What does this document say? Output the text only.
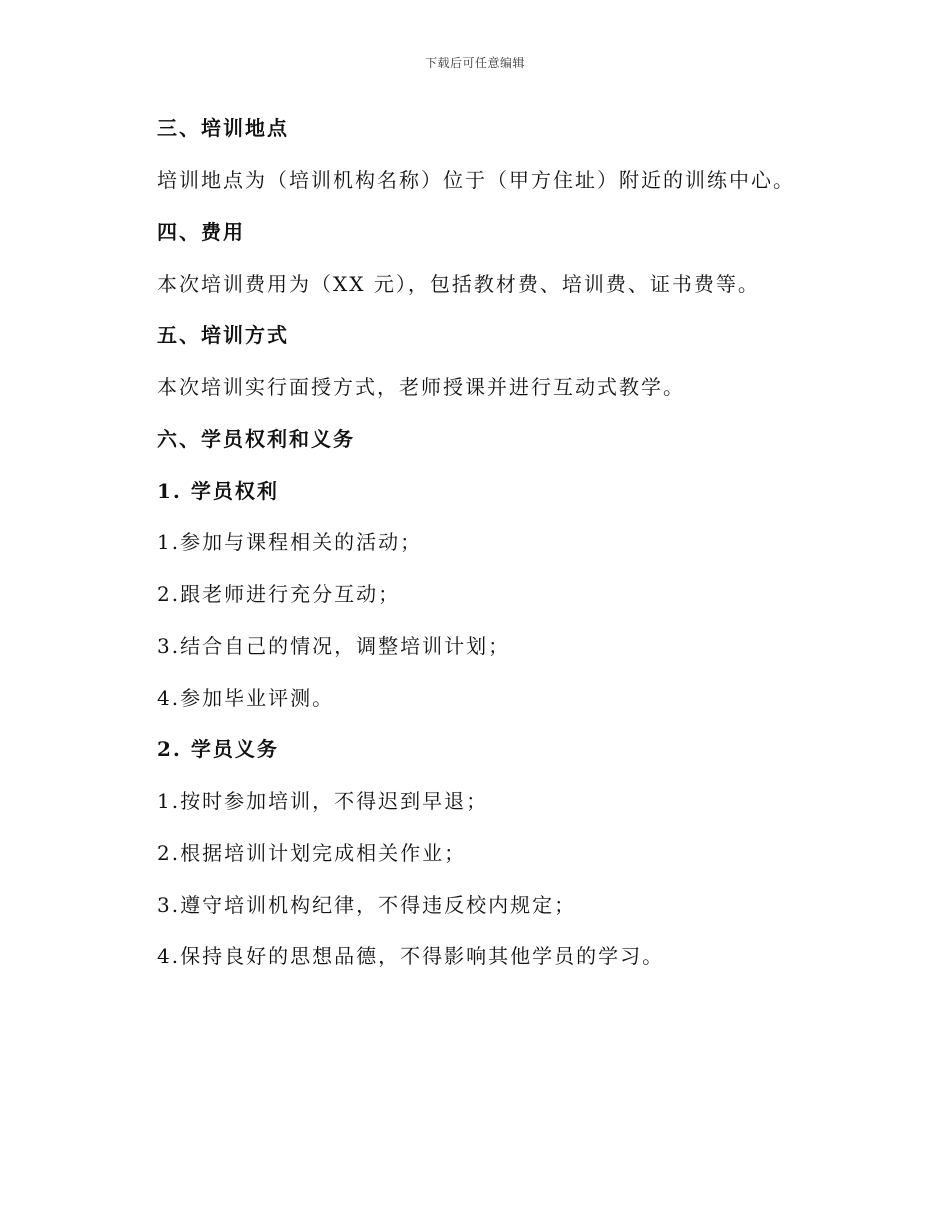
下载后可任意编辑

三、培训地点

培训地点为（培训机构名称）位于（甲方住址）附近的训练中心。

四、费用

本次培训费用为（XX 元），包括教材费、培训费、证书费等。

五、培训方式

本次培训实行面授方式，老师授课并进行互动式教学。

六、学员权利和义务

1. 学员权利

1.参加与课程相关的活动；

2.跟老师进行充分互动；

3.结合自己的情况，调整培训计划；

4.参加毕业评测。

2. 学员义务

1.按时参加培训，不得迟到早退；

2.根据培训计划完成相关作业；

3.遵守培训机构纪律，不得违反校内规定；

4.保持良好的思想品德，不得影响其他学员的学习。
